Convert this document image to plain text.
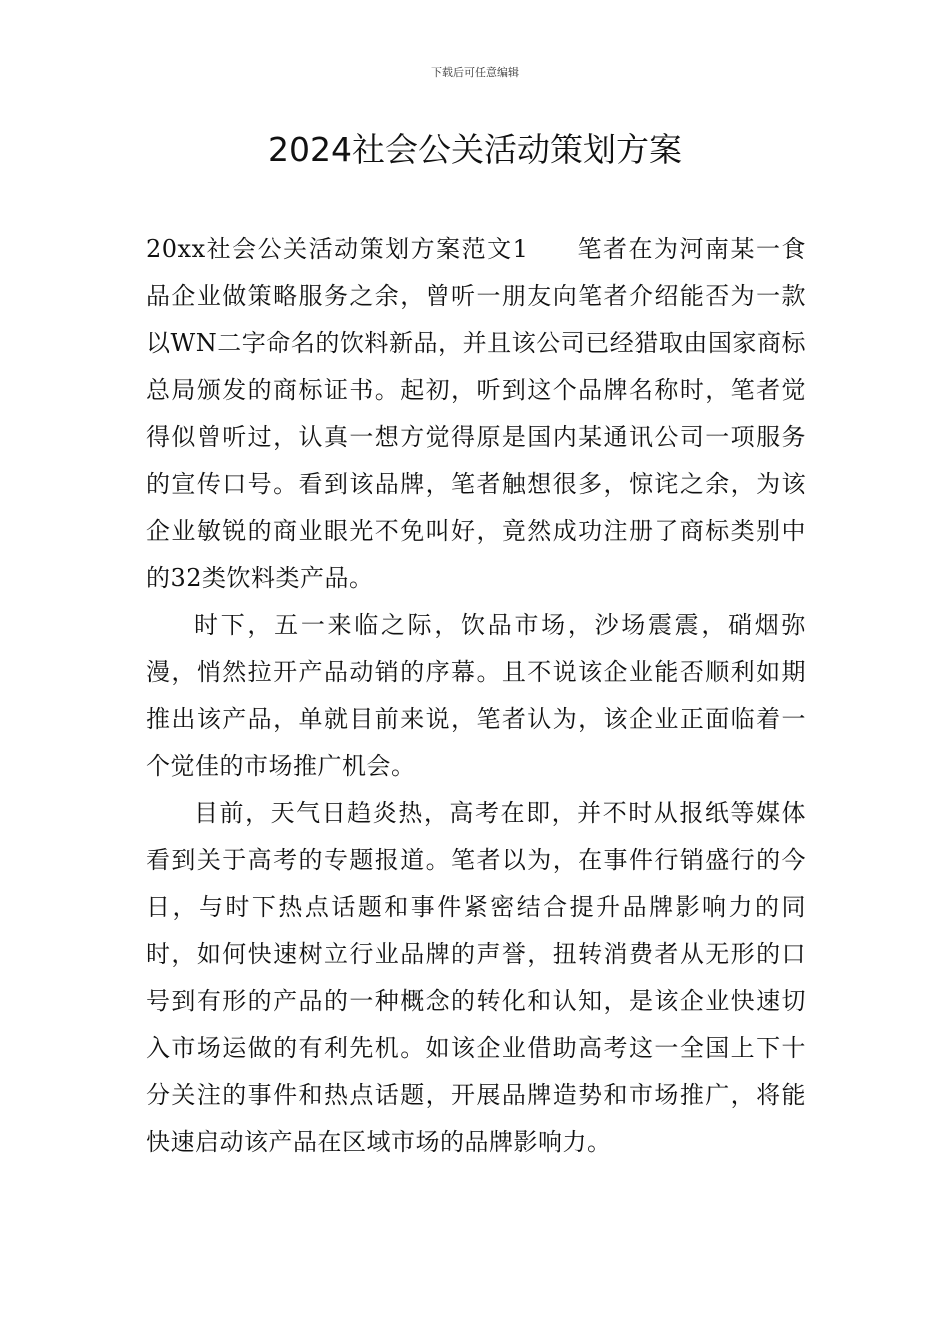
下载后可任意编辑
2024社会公关活动策划方案

20xx社会公关活动策划方案范文1 笔者在为河南某一食品企业做策略服务之余，曾听一朋友向笔者介绍能否为一款以WN二字命名的饮料新品，并且该公司已经猎取由国家商标总局颁发的商标证书。起初，听到这个品牌名称时，笔者觉得似曾听过，认真一想方觉得原是国内某通讯公司一项服务的宣传口号。看到该品牌，笔者触想很多，惊诧之余，为该企业敏锐的商业眼光不免叫好，竟然成功注册了商标类别中的32类饮料类产品。

时下，五一来临之际，饮品市场，沙场震震，硝烟弥漫，悄然拉开产品动销的序幕。且不说该企业能否顺利如期推出该产品，单就目前来说，笔者认为，该企业正面临着一个觉佳的市场推广机会。

目前，天气日趋炎热，高考在即，并不时从报纸等媒体看到关于高考的专题报道。笔者以为，在事件行销盛行的今日，与时下热点话题和事件紧密结合提升品牌影响力的同时，如何快速树立行业品牌的声誉，扭转消费者从无形的口号到有形的产品的一种概念的转化和认知，是该企业快速切入市场运做的有利先机。如该企业借助高考这一全国上下十分关注的事件和热点话题，开展品牌造势和市场推广，将能快速启动该产品在区域市场的品牌影响力。
